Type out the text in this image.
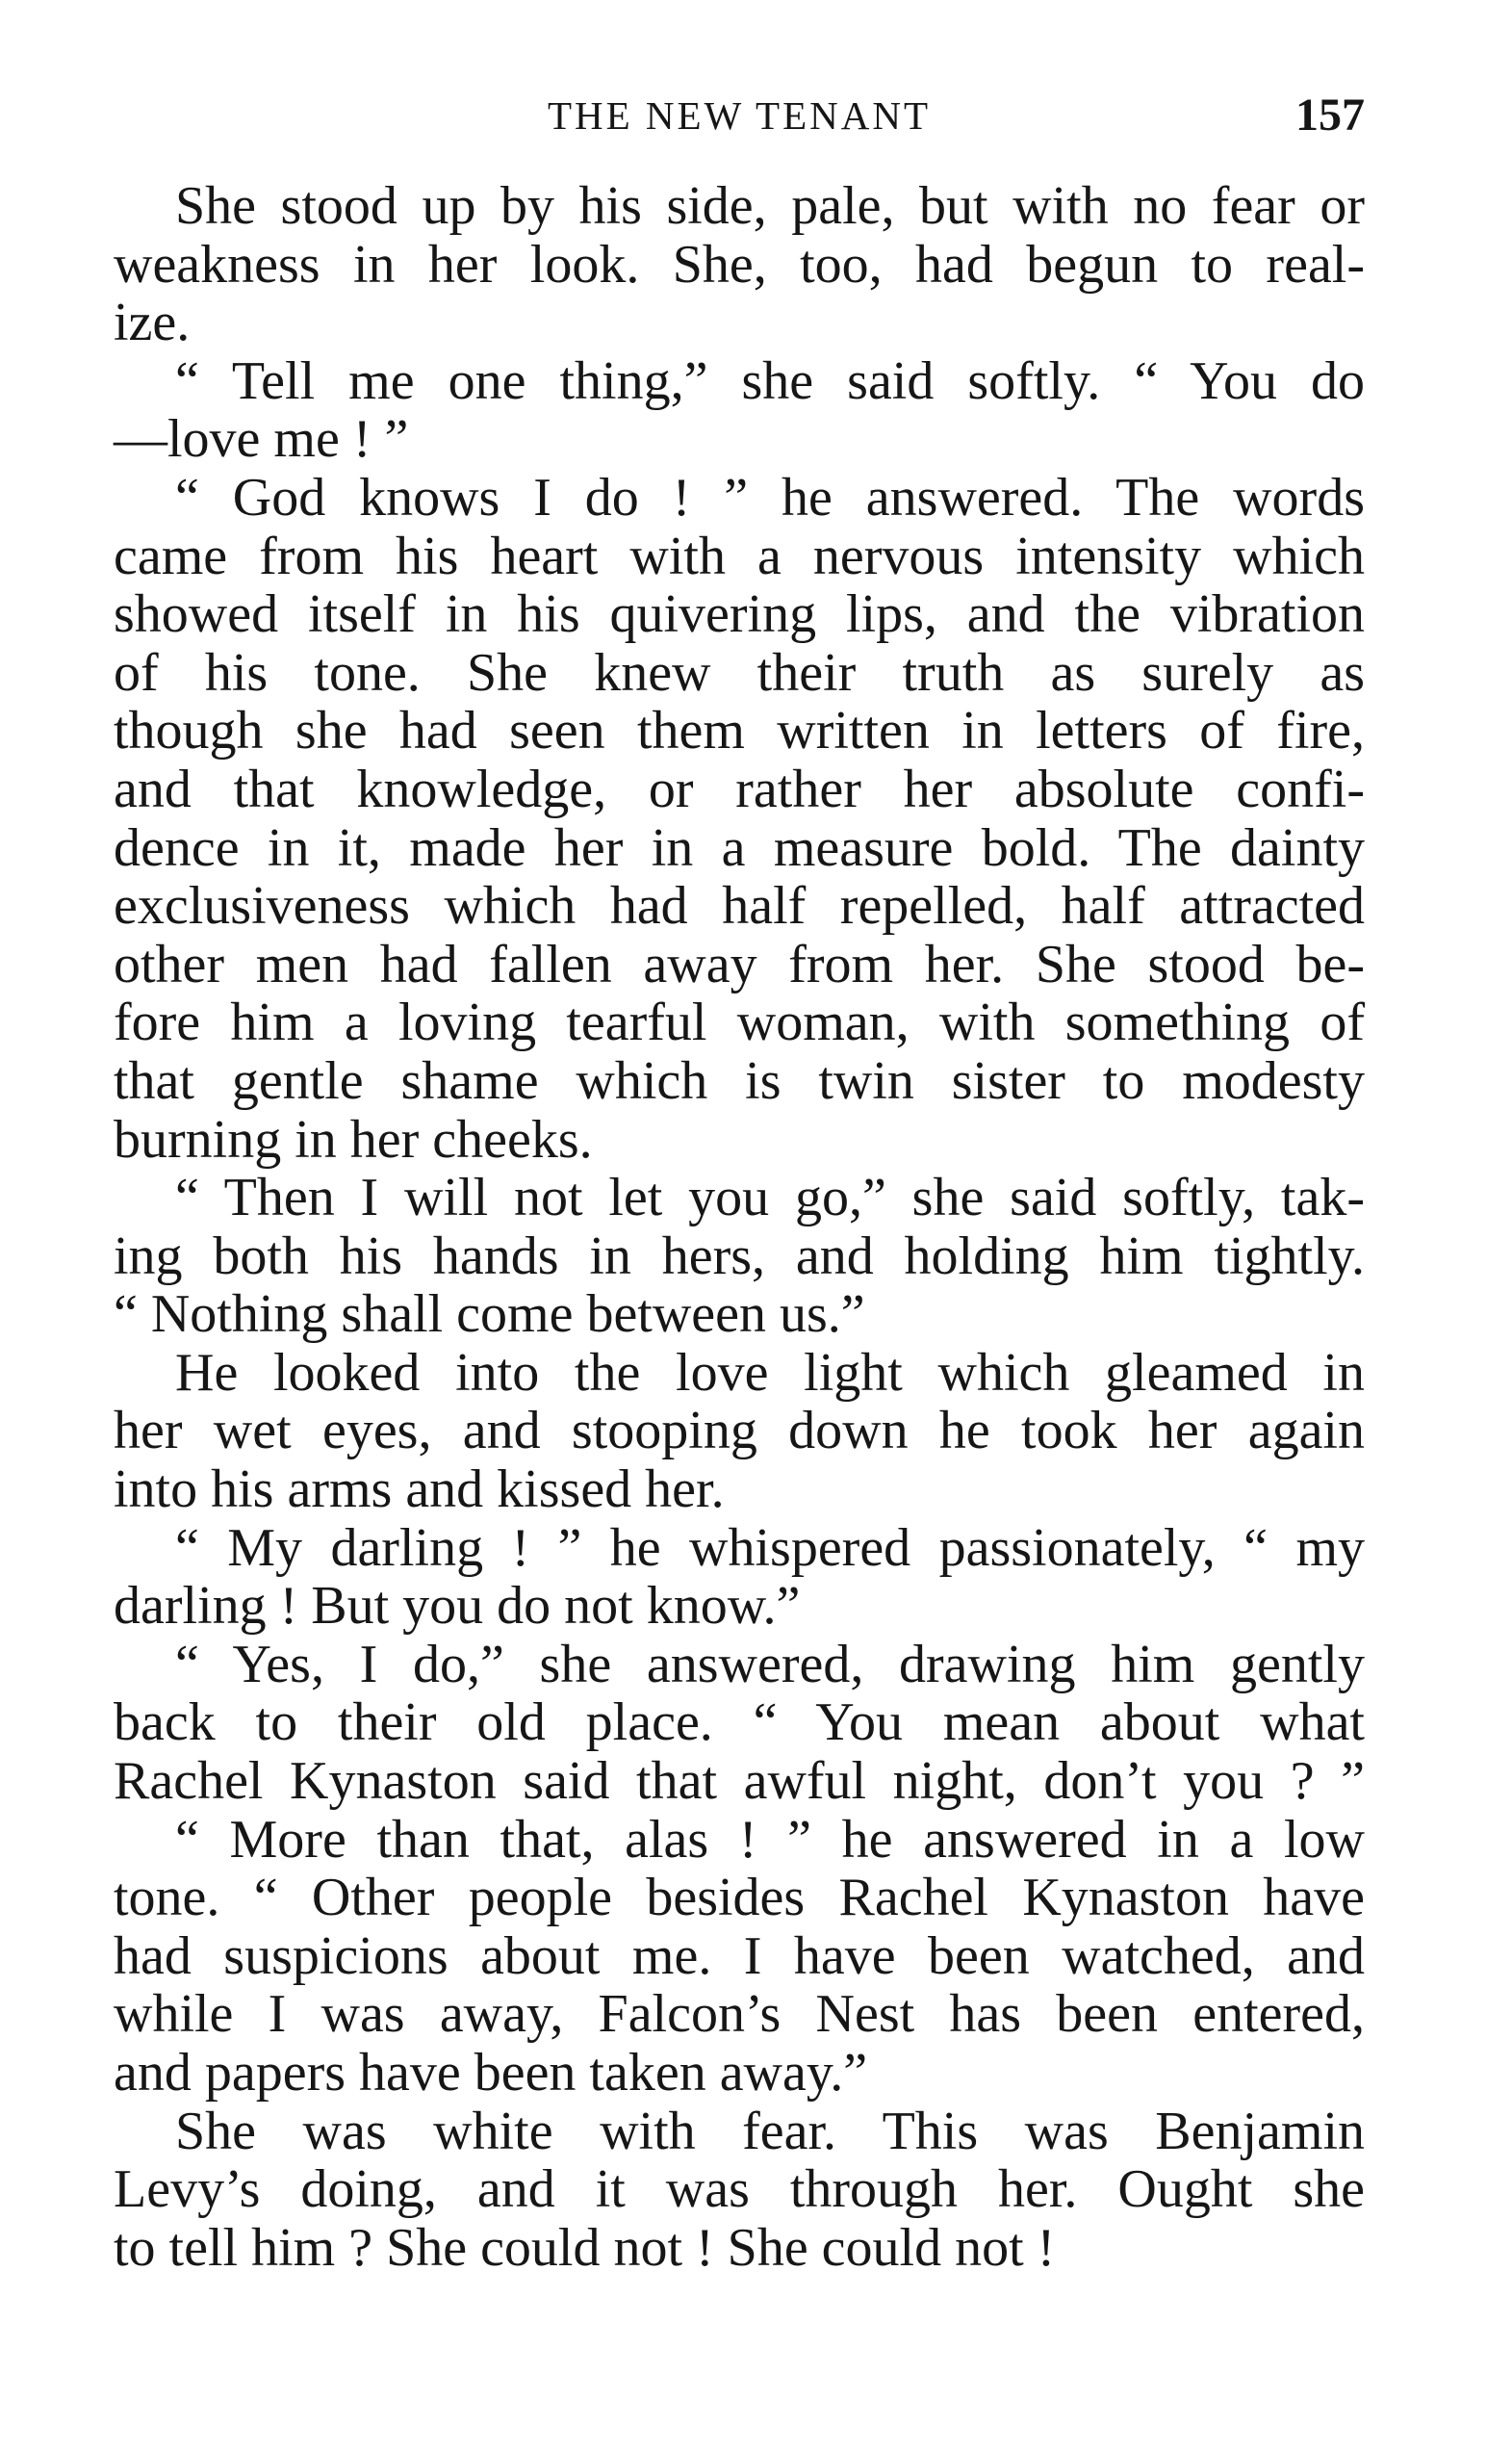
THE NEW TENANT	157
She stood up by his side, pale, but with no fear or
weakness in her look. She, too, had begun to real-
ize.
“ Tell me one thing,” she said softly. “ You do
—love me ! ”
“ God knows I do ! ” he answered. The words
came from his heart with a nervous intensity which
showed itself in his quivering lips, and the vibration
of his tone. She knew their truth as surely as
though she had seen them written in letters of fire,
and that knowledge, or rather her absolute confi-
dence in it, made her in a measure bold. The dainty
exclusiveness which had half repelled, half attracted
other men had fallen away from her. She stood be-
fore him a loving tearful woman, with something of
that gentle shame which is twin sister to modesty
burning in her cheeks.
“ Then I will not let you go,” she said softly, tak-
ing both his hands in hers, and holding him tightly.
“ Nothing shall come between us.”
He looked into the love light which gleamed in
her wet eyes, and stooping down he took her again
into his arms and kissed her.
“ My darling ! ” he whispered passionately, “ my
darling ! But you do not know.”
“ Yes, I do,” she answered, drawing him gently
back to their old place. “ You mean about what
Rachel Kynaston said that awful night, don’t you ? ”
“ More than that, alas ! ” he answered in a low
tone. “ Other people besides Rachel Kynaston have
had suspicions about me. I have been watched, and
while I was away, Falcon’s Nest has been entered,
and papers have been taken away.”
She was white with fear. This was Benjamin
Levy’s doing, and it was through her. Ought she
to tell him ? She could not ! She could not !
